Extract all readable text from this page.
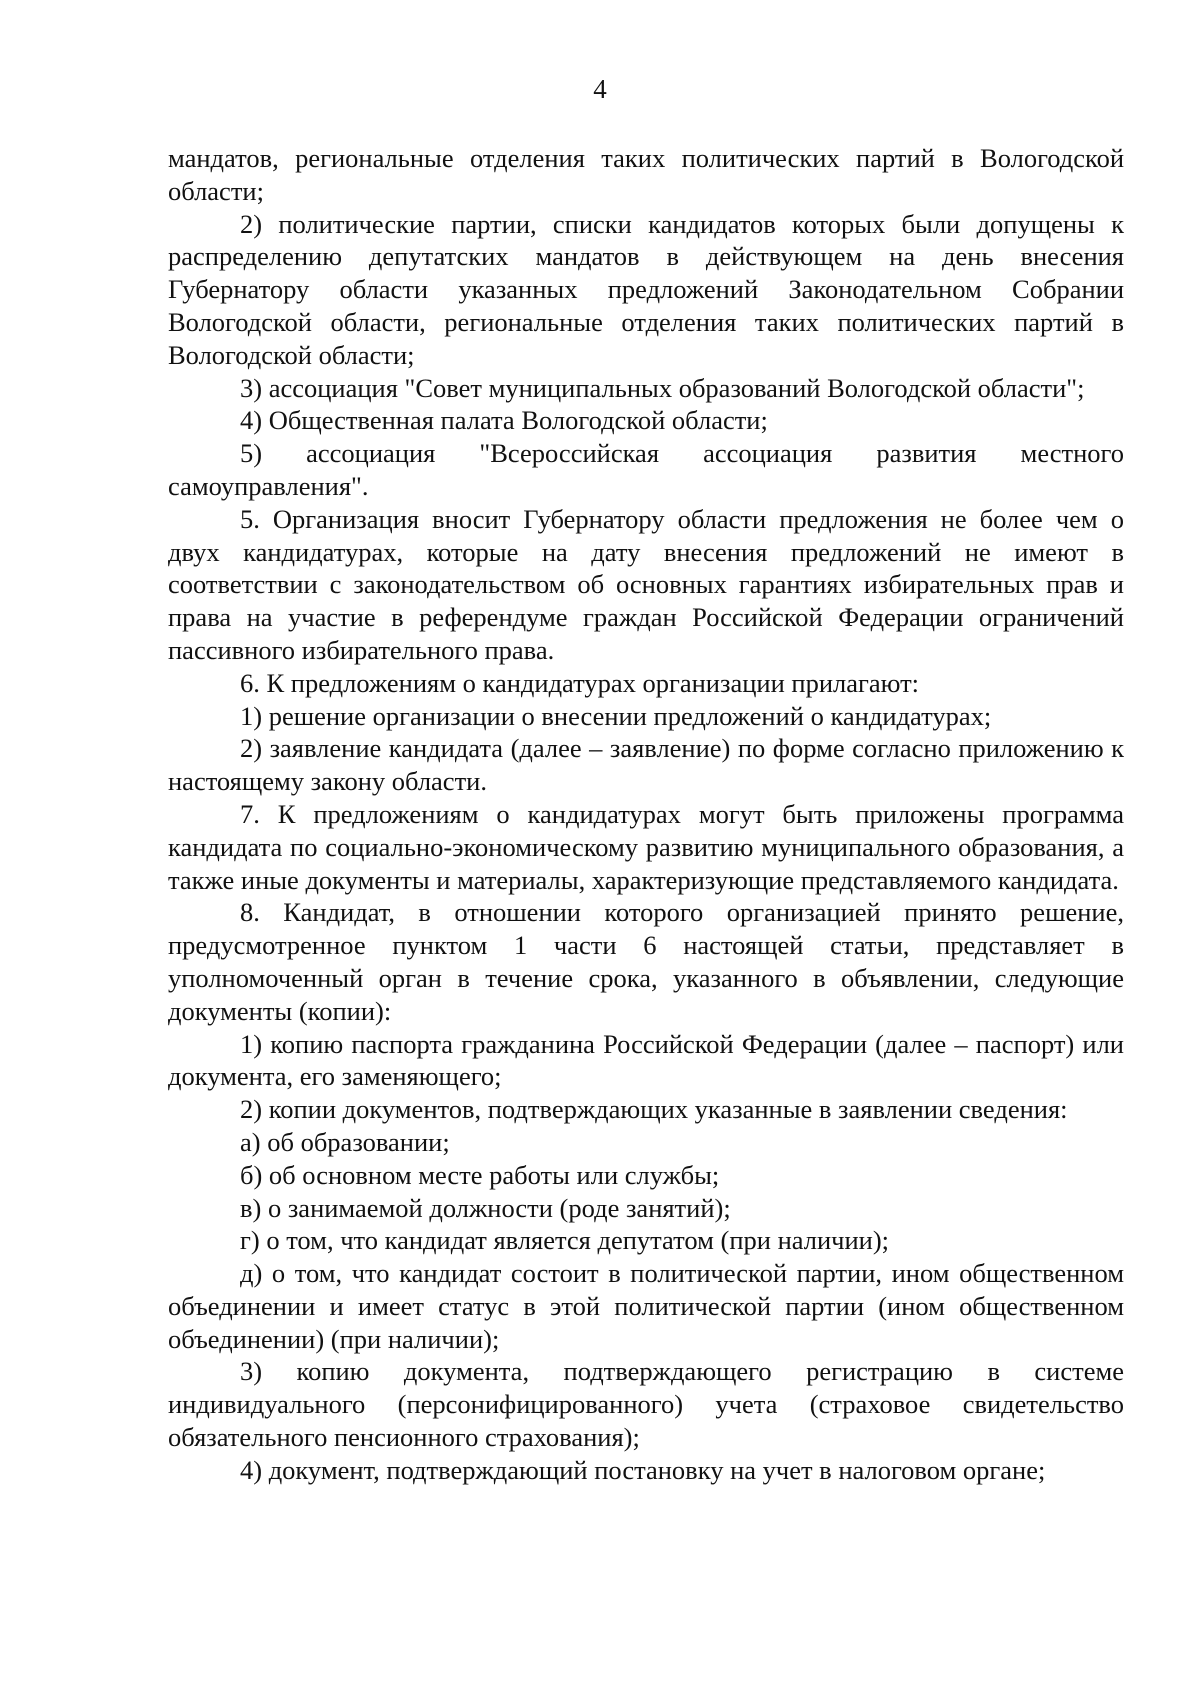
4

мандатов, региональные отделения таких политических партий в Вологодской области;

2) политические партии, списки кандидатов которых были допущены к распределению депутатских мандатов в действующем на день внесения Губернатору области указанных предложений Законодательном Собрании Вологодской области, региональные отделения таких политических партий в Вологодской области;

3) ассоциация "Совет муниципальных образований Вологодской области";

4) Общественная палата Вологодской области;

5) ассоциация "Всероссийская ассоциация развития местного самоуправления".

5. Организация вносит Губернатору области предложения не более чем о двух кандидатурах, которые на дату внесения предложений не имеют в соответствии с законодательством об основных гарантиях избирательных прав и права на участие в референдуме граждан Российской Федерации ограничений пассивного избирательного права.

6. К предложениям о кандидатурах организации прилагают:

1) решение организации о внесении предложений о кандидатурах;

2) заявление кандидата (далее – заявление) по форме согласно приложению к настоящему закону области.

7. К предложениям о кандидатурах могут быть приложены программа кандидата по социально-экономическому развитию муниципального образования, а также иные документы и материалы, характеризующие представляемого кандидата.

8. Кандидат, в отношении которого организацией принято решение, предусмотренное пунктом 1 части 6 настоящей статьи, представляет в уполномоченный орган в течение срока, указанного в объявлении, следующие документы (копии):

1) копию паспорта гражданина Российской Федерации (далее – паспорт) или документа, его заменяющего;

2) копии документов, подтверждающих указанные в заявлении сведения:

а) об образовании;

б) об основном месте работы или службы;

в) о занимаемой должности (роде занятий);

г) о том, что кандидат является депутатом (при наличии);

д) о том, что кандидат состоит в политической партии, ином общественном объединении и имеет статус в этой политической партии (ином общественном объединении) (при наличии);

3) копию документа, подтверждающего регистрацию в системе индивидуального (персонифицированного) учета (страховое свидетельство обязательного пенсионного страхования);

4) документ, подтверждающий постановку на учет в налоговом органе;
